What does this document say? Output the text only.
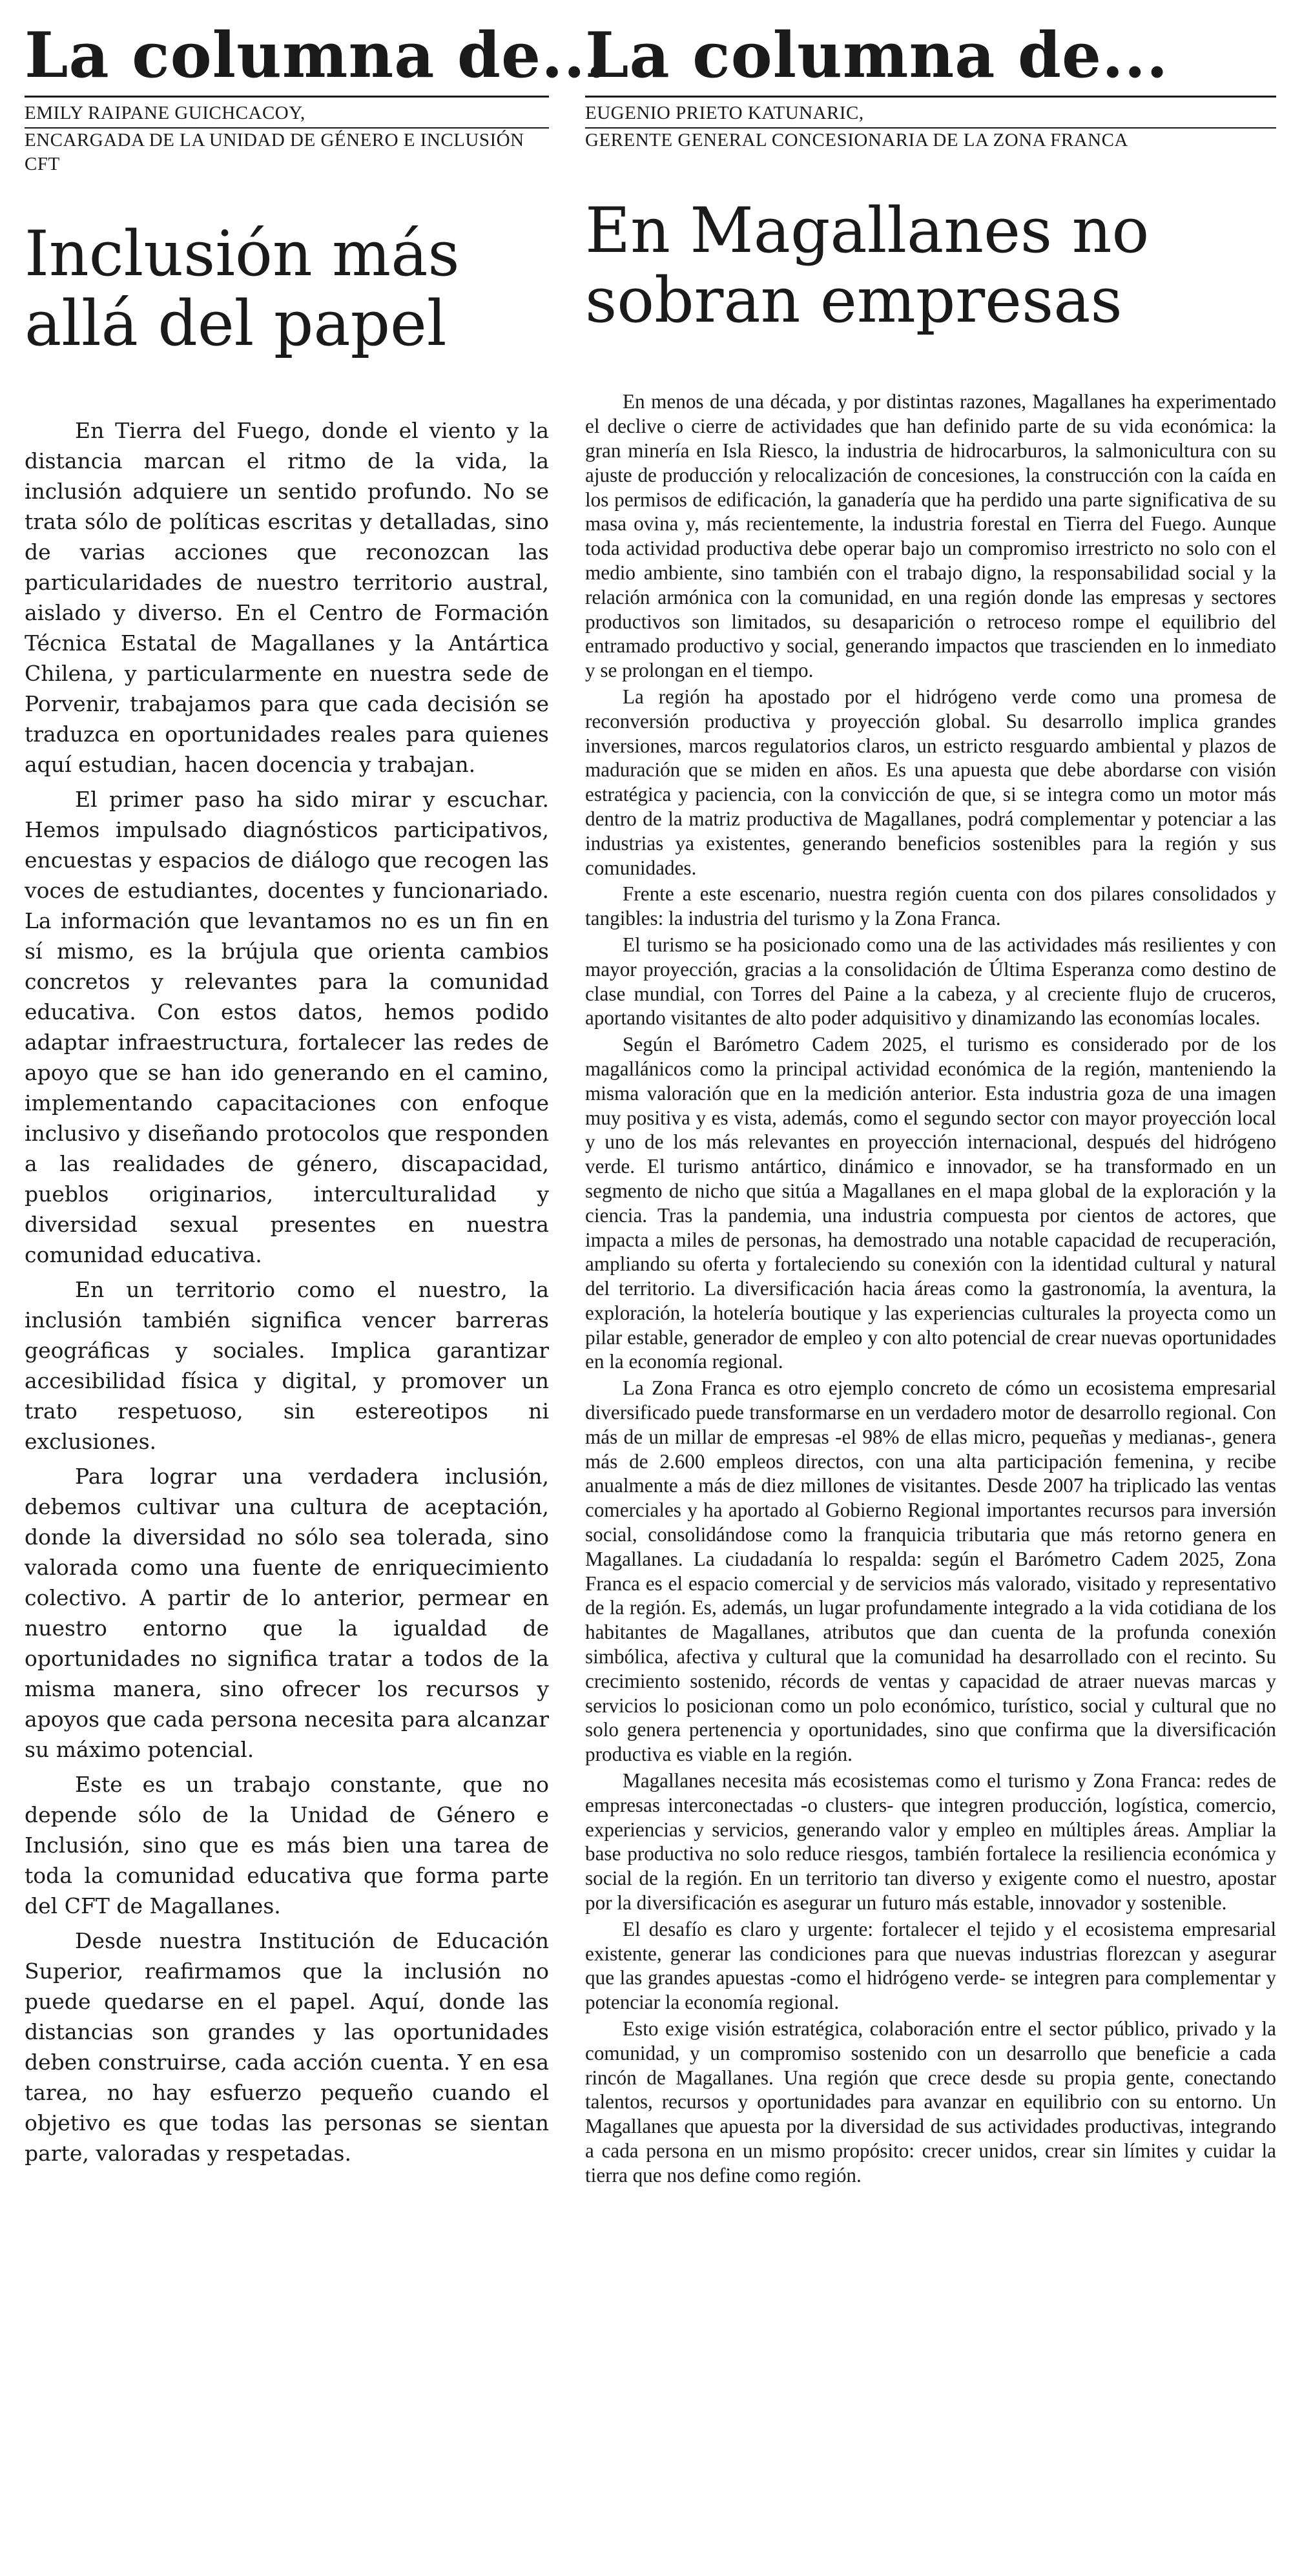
La columna de...
EMILY RAIPANE GUICHCACOY,
ENCARGADA DE LA UNIDAD DE GÉNERO E INCLUSIÓN CFT
Inclusión más allá del papel

En Tierra del Fuego, donde el viento y la distancia marcan el ritmo de la vida, la inclusión adquiere un sentido profundo. No se trata sólo de políticas escritas y detalladas, sino de varias acciones que reconozcan las particularidades de nuestro territorio austral, aislado y diverso. En el Centro de Formación Técnica Estatal de Magallanes y la Antártica Chilena, y particularmente en nuestra sede de Porvenir, trabajamos para que cada decisión se traduzca en oportunidades reales para quienes aquí estudian, hacen docencia y trabajan.

El primer paso ha sido mirar y escuchar. Hemos impulsado diagnósticos participativos, encuestas y espacios de diálogo que recogen las voces de estudiantes, docentes y funcionariado. La información que levantamos no es un fin en sí mismo, es la brújula que orienta cambios concretos y relevantes para la comunidad educativa. Con estos datos, hemos podido adaptar infraestructura, fortalecer las redes de apoyo que se han ido generando en el camino, implementando capacitaciones con enfoque inclusivo y diseñando protocolos que responden a las realidades de género, discapacidad, pueblos originarios, interculturalidad y diversidad sexual presentes en nuestra comunidad educativa.

En un territorio como el nuestro, la inclusión también significa vencer barreras geográficas y sociales. Implica garantizar accesibilidad física y digital, y promover un trato respetuoso, sin estereotipos ni exclusiones.

Para lograr una verdadera inclusión, debemos cultivar una cultura de aceptación, donde la diversidad no sólo sea tolerada, sino valorada como una fuente de enriquecimiento colectivo. A partir de lo anterior, permear en nuestro entorno que la igualdad de oportunidades no significa tratar a todos de la misma manera, sino ofrecer los recursos y apoyos que cada persona necesita para alcanzar su máximo potencial.

Este es un trabajo constante, que no depende sólo de la Unidad de Género e Inclusión, sino que es más bien una tarea de toda la comunidad educativa que forma parte del CFT de Magallanes.

Desde nuestra Institución de Educación Superior, reafirmamos que la inclusión no puede quedarse en el papel. Aquí, donde las distancias son grandes y las oportunidades deben construirse, cada acción cuenta. Y en esa tarea, no hay esfuerzo pequeño cuando el objetivo es que todas las personas se sientan parte, valoradas y respetadas.

La columna de...
EUGENIO PRIETO KATUNARIC,
GERENTE GENERAL CONCESIONARIA DE LA ZONA FRANCA
En Magallanes no sobran empresas

En menos de una década, y por distintas razones, Magallanes ha experimentado el declive o cierre de actividades que han definido parte de su vida económica: la gran minería en Isla Riesco, la industria de hidrocarburos, la salmonicultura con su ajuste de producción y relocalización de concesiones, la construcción con la caída en los permisos de edificación, la ganadería que ha perdido una parte significativa de su masa ovina y, más recientemente, la industria forestal en Tierra del Fuego. Aunque toda actividad productiva debe operar bajo un compromiso irrestricto no solo con el medio ambiente, sino también con el trabajo digno, la responsabilidad social y la relación armónica con la comunidad, en una región donde las empresas y sectores productivos son limitados, su desaparición o retroceso rompe el equilibrio del entramado productivo y social, generando impactos que trascienden en lo inmediato y se prolongan en el tiempo.

La región ha apostado por el hidrógeno verde como una promesa de reconversión productiva y proyección global. Su desarrollo implica grandes inversiones, marcos regulatorios claros, un estricto resguardo ambiental y plazos de maduración que se miden en años. Es una apuesta que debe abordarse con visión estratégica y paciencia, con la convicción de que, si se integra como un motor más dentro de la matriz productiva de Magallanes, podrá complementar y potenciar a las industrias ya existentes, generando beneficios sostenibles para la región y sus comunidades.

Frente a este escenario, nuestra región cuenta con dos pilares consolidados y tangibles: la industria del turismo y la Zona Franca.

El turismo se ha posicionado como una de las actividades más resilientes y con mayor proyección, gracias a la consolidación de Última Esperanza como destino de clase mundial, con Torres del Paine a la cabeza, y al creciente flujo de cruceros, aportando visitantes de alto poder adquisitivo y dinamizando las economías locales.

Según el Barómetro Cadem 2025, el turismo es considerado por de los magallánicos como la principal actividad económica de la región, manteniendo la misma valoración que en la medición anterior. Esta industria goza de una imagen muy positiva y es vista, además, como el segundo sector con mayor proyección local y uno de los más relevantes en proyección internacional, después del hidrógeno verde. El turismo antártico, dinámico e innovador, se ha transformado en un segmento de nicho que sitúa a Magallanes en el mapa global de la exploración y la ciencia. Tras la pandemia, una industria compuesta por cientos de actores, que impacta a miles de personas, ha demostrado una notable capacidad de recuperación, ampliando su oferta y fortaleciendo su conexión con la identidad cultural y natural del territorio. La diversificación hacia áreas como la gastronomía, la aventura, la exploración, la hotelería boutique y las experiencias culturales la proyecta como un pilar estable, generador de empleo y con alto potencial de crear nuevas oportunidades en la economía regional.

La Zona Franca es otro ejemplo concreto de cómo un ecosistema empresarial diversificado puede transformarse en un verdadero motor de desarrollo regional. Con más de un millar de empresas -el 98% de ellas micro, pequeñas y medianas-, genera más de 2.600 empleos directos, con una alta participación femenina, y recibe anualmente a más de diez millones de visitantes. Desde 2007 ha triplicado las ventas comerciales y ha aportado al Gobierno Regional importantes recursos para inversión social, consolidándose como la franquicia tributaria que más retorno genera en Magallanes. La ciudadanía lo respalda: según el Barómetro Cadem 2025, Zona Franca es el espacio comercial y de servicios más valorado, visitado y representativo de la región. Es, además, un lugar profundamente integrado a la vida cotidiana de los habitantes de Magallanes, atributos que dan cuenta de la profunda conexión simbólica, afectiva y cultural que la comunidad ha desarrollado con el recinto. Su crecimiento sostenido, récords de ventas y capacidad de atraer nuevas marcas y servicios lo posicionan como un polo económico, turístico, social y cultural que no solo genera pertenencia y oportunidades, sino que confirma que la diversificación productiva es viable en la región.

Magallanes necesita más ecosistemas como el turismo y Zona Franca: redes de empresas interconectadas -o clusters- que integren producción, logística, comercio, experiencias y servicios, generando valor y empleo en múltiples áreas. Ampliar la base productiva no solo reduce riesgos, también fortalece la resiliencia económica y social de la región. En un territorio tan diverso y exigente como el nuestro, apostar por la diversificación es asegurar un futuro más estable, innovador y sostenible.

El desafío es claro y urgente: fortalecer el tejido y el ecosistema empresarial existente, generar las condiciones para que nuevas industrias florezcan y asegurar que las grandes apuestas -como el hidrógeno verde- se integren para complementar y potenciar la economía regional.

Esto exige visión estratégica, colaboración entre el sector público, privado y la comunidad, y un compromiso sostenido con un desarrollo que beneficie a cada rincón de Magallanes. Una región que crece desde su propia gente, conectando talentos, recursos y oportunidades para avanzar en equilibrio con su entorno. Un Magallanes que apuesta por la diversidad de sus actividades productivas, integrando a cada persona en un mismo propósito: crecer unidos, crear sin límites y cuidar la tierra que nos define como región.
